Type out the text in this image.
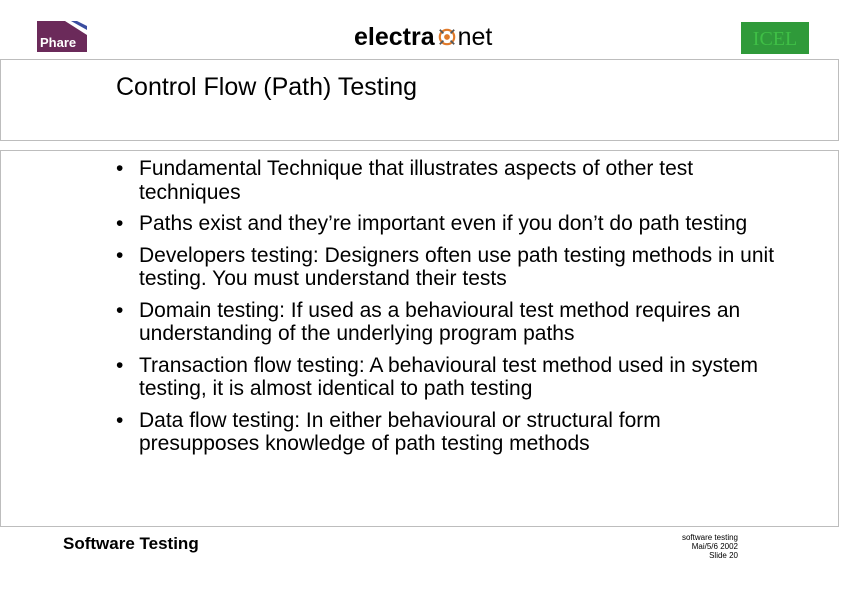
Phare	electra net	ICEL
Control Flow (Path) Testing
• Fundamental Technique that illustrates aspects of other test techniques
• Paths exist and they’re important even if you don’t do path testing
• Developers testing: Designers often use path testing methods in unit testing. You must understand their tests
• Domain testing: If used as a behavioural test method requires an understanding of the underlying program paths
• Transaction flow testing: A behavioural test method used in system testing, it is almost identical to path testing
• Data flow testing: In either behavioural or structural form presupposes knowledge of path testing methods
Software Testing	software testing
Mai/5/6 2002
Slide 20
